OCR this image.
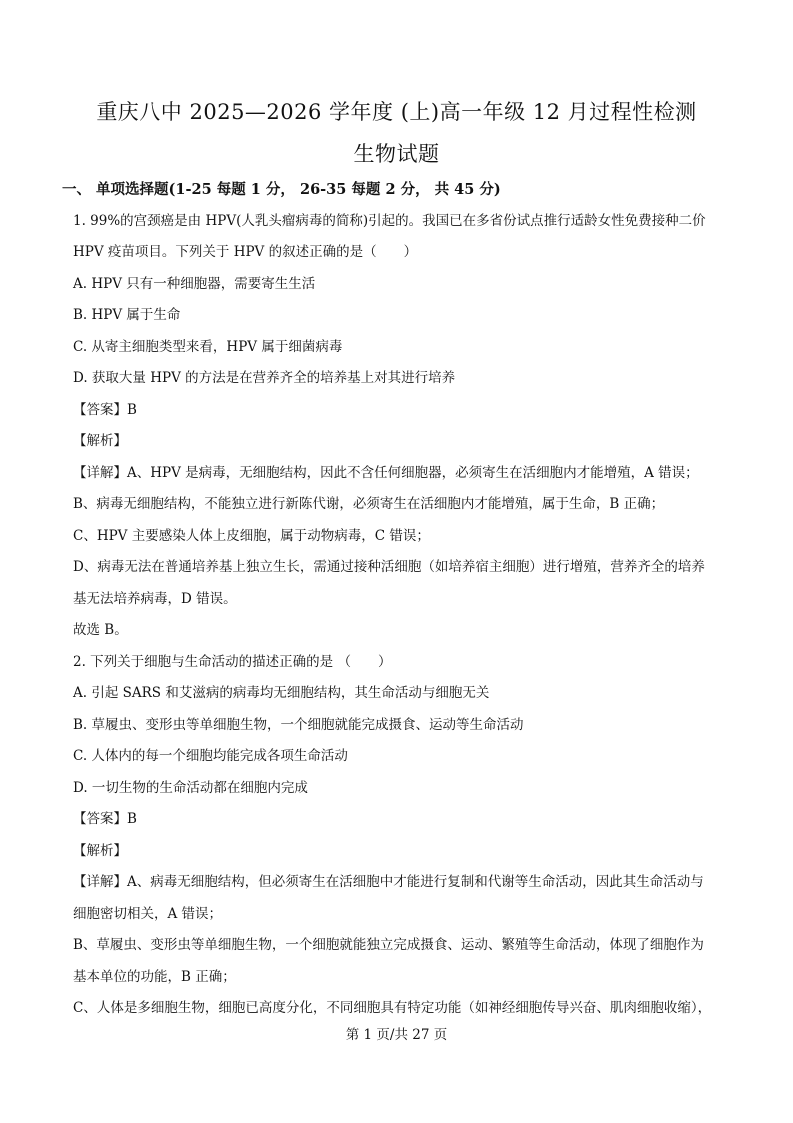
重庆八中 2025—2026 学年度 (上)高一年级 12 月过程性检测
生物试题
一、 单项选择题(1-25 每题 1 分， 26-35 每题 2 分， 共 45 分)
1. 99%的宫颈癌是由 HPV(人乳头瘤病毒的简称)引起的。我国已在多省份试点推行适龄女性免费接种二价
HPV 疫苗项目。下列关于 HPV 的叙述正确的是（　　）
A. HPV 只有一种细胞器，需要寄生生活
B. HPV 属于生命
C. 从寄主细胞类型来看，HPV 属于细菌病毒
D. 获取大量 HPV 的方法是在营养齐全的培养基上对其进行培养
【答案】B
【解析】
【详解】A、HPV 是病毒，无细胞结构，因此不含任何细胞器，必须寄生在活细胞内才能增殖，A 错误；
B、病毒无细胞结构，不能独立进行新陈代谢，必须寄生在活细胞内才能增殖，属于生命，B 正确；
C、HPV 主要感染人体上皮细胞，属于动物病毒，C 错误；
D、病毒无法在普通培养基上独立生长，需通过接种活细胞（如培养宿主细胞）进行增殖，营养齐全的培养
基无法培养病毒，D 错误。
故选 B。
2. 下列关于细胞与生命活动的描述正确的是 （　　）
A. 引起 SARS 和艾滋病的病毒均无细胞结构，其生命活动与细胞无关
B. 草履虫、变形虫等单细胞生物，一个细胞就能完成摄食、运动等生命活动
C. 人体内的每一个细胞均能完成各项生命活动
D. 一切生物的生命活动都在细胞内完成
【答案】B
【解析】
【详解】A、病毒无细胞结构，但必须寄生在活细胞中才能进行复制和代谢等生命活动，因此其生命活动与
细胞密切相关，A 错误；
B、草履虫、变形虫等单细胞生物，一个细胞就能独立完成摄食、运动、繁殖等生命活动，体现了细胞作为
基本单位的功能，B 正确；
C、人体是多细胞生物，细胞已高度分化，不同细胞具有特定功能（如神经细胞传导兴奋、肌肉细胞收缩），
第 1 页/共 27 页
